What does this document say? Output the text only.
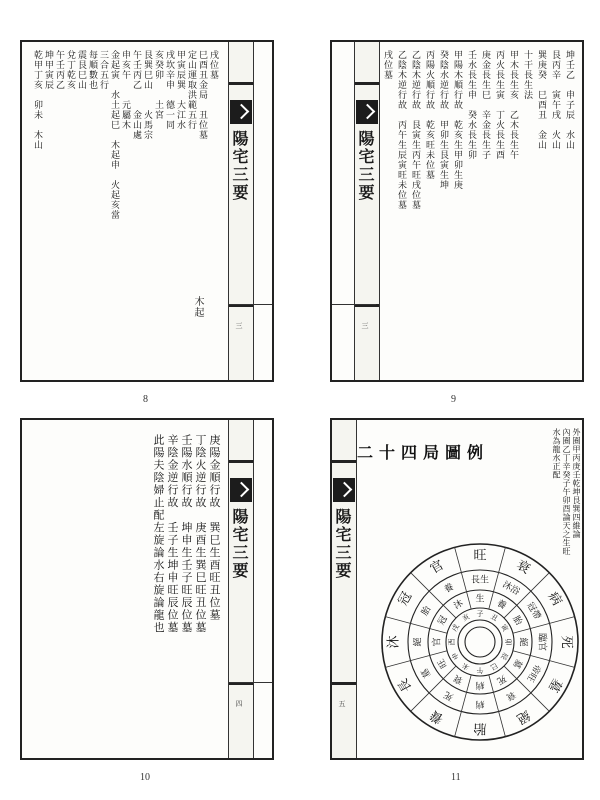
陽宅三要
三
戌位墓
巳酉丑金局　丑位墓
定山運取洪範五行
甲寅辰巽　大江水
戌坎辛申　德一同
亥癸卯　　土宮
艮巽巳山　　火馬宗
午壬丙乙　　金山處
申亥午　　元屬木
金起寅　水土起巳　木起申　火起亥當
三合五行
每順數也
震艮巳山
兌丁乾亥
午壬丙乙
坤甲寅辰
乾甲丁亥　卯未　木山
木起
8
陽宅三要
三
坤壬乙　申子辰　水山
艮丙辛　寅午戌　火山
巽庚癸　巳酉丑　金山
十干長生法
甲木長生亥　乙木長生午
丙火長生寅　丁火長生酉
庚金長生巳　辛金長生子
壬水長生申　癸水長生卯
甲陽木順行故　乾亥生甲卯生庚
癸陰水逆行故　甲卯生艮寅生坤
丙陽火順行故　乾亥旺未位墓
乙陰木逆行故　艮寅生丙午旺戌位墓
乙陰木逆行故　丙午生辰寅旺未位墓
戌位墓
9
陽宅三要
四
庚陽金順行故　巽巳生酉旺丑位墓
丁陰火逆行故　庚酉生巽巳旺丑位墓
壬陽水順行故　坤申生壬子旺辰位墓
辛陰金逆行故　壬子生坤申旺辰位墓
此陽夫陰婦止配左旋論水右旋論龍也
10
陽宅三要
五
二十四局圖例	外圈甲丙庚壬乾坤艮巽四維論
內圈乙丁辛癸子午卯酉論天之生旺
水為龍水正配
旺
衰
病
死
墓
絕
胎
養
長
沐
冠
官
長生 沐浴
冠帶
臨官
帝旺
衰
病
死
墓
絕
胎
養
生 養
胎
絕
墓
死
病
衰
旺
官
冠
沐
子 丑
寅
卯
辰
巳
午
未
申
酉
戌
亥
11
